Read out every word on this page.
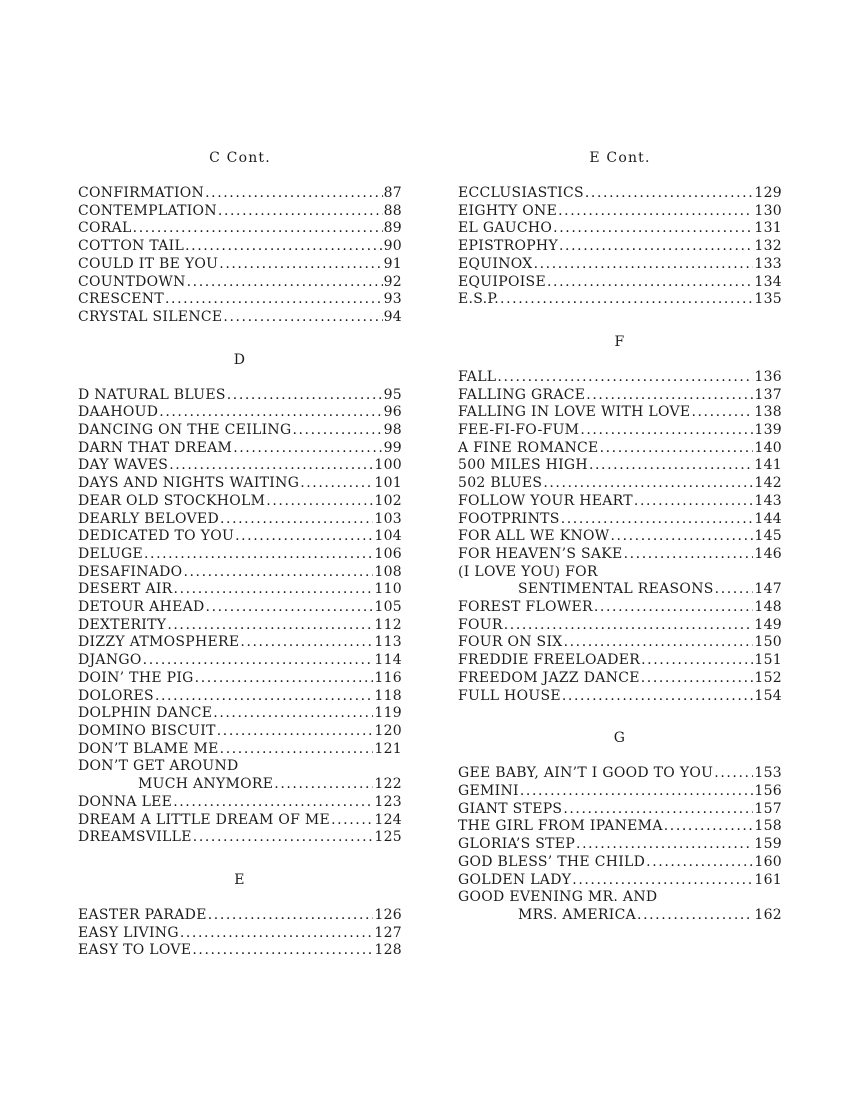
C Cont.
CONFIRMATION .....	87
CONTEMPLATION .....	88
CORAL .....	89
COTTON TAIL .....	90
COULD IT BE YOU .....	91
COUNTDOWN .....	92
CRESCENT .....	93
CRYSTAL SILENCE .....	94
D
D NATURAL BLUES .....	95
DAAHOUD .....	96
DANCING ON THE CEILING .....	98
DARN THAT DREAM .....	99
DAY WAVES .....	100
DAYS AND NIGHTS WAITING .....	101
DEAR OLD STOCKHOLM .....	102
DEARLY BELOVED .....	103
DEDICATED TO YOU .....	104
DELUGE .....	106
DESAFINADO .....	108
DESERT AIR .....	110
DETOUR AHEAD .....	105
DEXTERITY .....	112
DIZZY ATMOSPHERE .....	113
DJANGO .....	114
DOIN’ THE PIG .....	116
DOLORES .....	118
DOLPHIN DANCE .....	119
DOMINO BISCUIT .....	120
DON’T BLAME ME .....	121
DON’T GET AROUND
MUCH ANYMORE .....	122
DONNA LEE .....	123
DREAM A LITTLE DREAM OF ME .....	124
DREAMSVILLE .....	125
E
EASTER PARADE .....	126
EASY LIVING .....	127
EASY TO LOVE .....	128
E Cont.
ECCLUSIASTICS .....	129
EIGHTY ONE .....	130
EL GAUCHO .....	131
EPISTROPHY .....	132
EQUINOX .....	133
EQUIPOISE .....	134
E.S.P. .....	135
F
FALL .....	136
FALLING GRACE .....	137
FALLING IN LOVE WITH LOVE .....	138
FEE-FI-FO-FUM .....	139
A FINE ROMANCE .....	140
500 MILES HIGH .....	141
502 BLUES .....	142
FOLLOW YOUR HEART .....	143
FOOTPRINTS .....	144
FOR ALL WE KNOW .....	145
FOR HEAVEN’S SAKE .....	146
(I LOVE YOU) FOR
SENTIMENTAL REASONS .....	147
FOREST FLOWER .....	148
FOUR .....	149
FOUR ON SIX .....	150
FREDDIE FREELOADER .....	151
FREEDOM JAZZ DANCE .....	152
FULL HOUSE .....	154
G
GEE BABY, AIN’T I GOOD TO YOU .....	153
GEMINI .....	156
GIANT STEPS .....	157
THE GIRL FROM IPANEMA .....	158
GLORIA’S STEP .....	159
GOD BLESS’ THE CHILD .....	160
GOLDEN LADY .....	161
GOOD EVENING MR. AND
MRS. AMERICA .....	162
